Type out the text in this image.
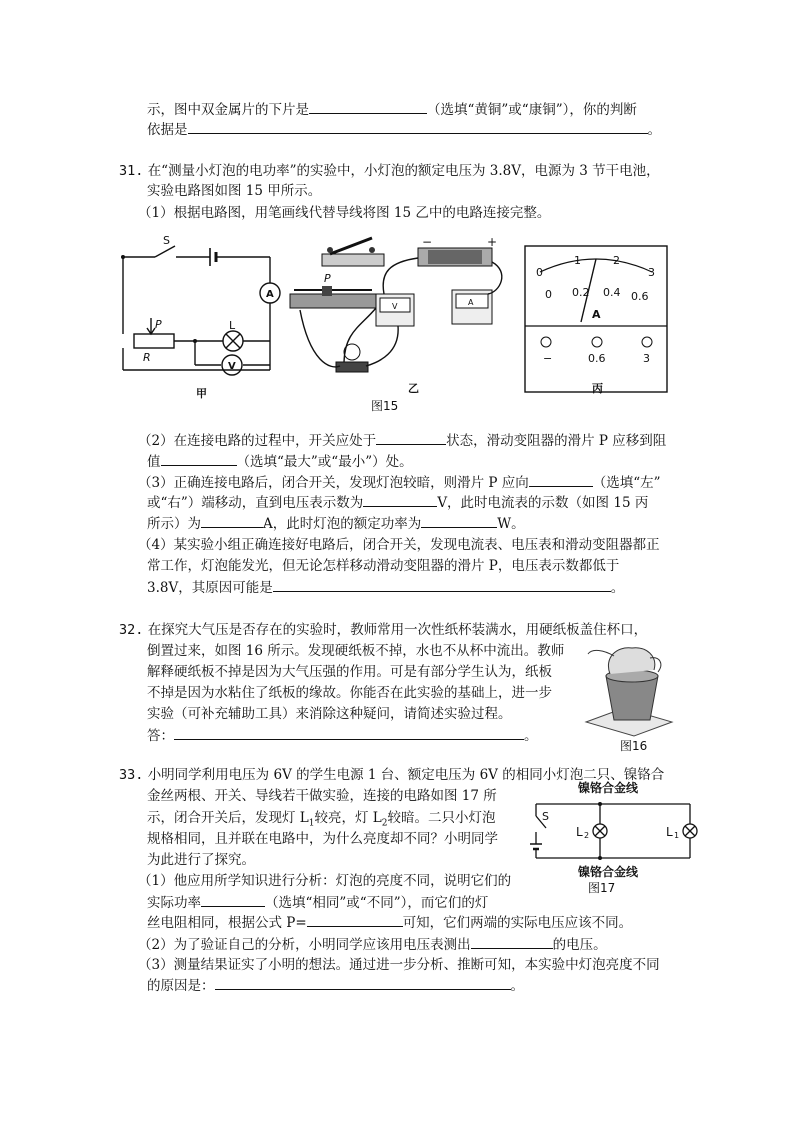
示，图中双金属片的下片是	（选填“黄铜”或“康铜”），你的判断
依据是	。
31. 在“测量小灯泡的电功率”的实验中，小灯泡的额定电压为 3.8V，电源为 3 节干电池，
实验电路图如图 15 甲所示。
（1）根据电路图，用笔画线代替导线将图 15 乙中的电路连接完整。
S
A
L
V
P
R
−	+
P
V	A
0
1	2
3
0 0.2 0.4 0.6
A
−	0.6	3
甲	乙	丙
图15
（2）在连接电路的过程中，开关应处于	状态，滑动变阻器的滑片 P 应移到阻
值	（选填“最大”或“最小”）处。
（3）正确连接电路后，闭合开关，发现灯泡较暗，则滑片 P 应向	（选填“左”
或“右”）端移动，直到电压表示数为	V，此时电流表的示数（如图 15 丙
所示）为	A，此时灯泡的额定功率为	W。
（4）某实验小组正确连接好电路后，闭合开关，发现电流表、电压表和滑动变阻器都正
常工作，灯泡能发光，但无论怎样移动滑动变阻器的滑片 P，电压表示数都低于
3.8V，其原因可能是	。
32. 在探究大气压是否存在的实验时，教师常用一次性纸杯装满水，用硬纸板盖住杯口，
倒置过来，如图 16 所示。发现硬纸板不掉，水也不从杯中流出。教师
解释硬纸板不掉是因为大气压强的作用。可是有部分学生认为，纸板
不掉是因为水粘住了纸板的缘故。你能否在此实验的基础上，进一步
实验（可补充辅助工具）来消除这种疑问，请简述实验过程。
答：	。
图16
33. 小明同学利用电压为 6V 的学生电源 1 台、额定电压为 6V 的相同小灯泡二只、镍铬合
金丝两根、开关、导线若干做实验，连接的电路如图 17 所
示，闭合开关后，发现灯 $L_1$较亮，灯 $L_2$较暗。二只小灯泡
规格相同，且并联在电路中，为什么亮度却不同？小明同学
为此进行了探究。
（1）他应用所学知识进行分析：灯泡的亮度不同，说明它们的
实际功率	（选填“相同”或“不同”），而它们的灯
丝电阻相同，根据公式 P=	可知，它们两端的实际电压应该不同。
（2）为了验证自己的分析，小明同学应该用电压表测出	的电压。
（3）测量结果证实了小明的想法。通过进一步分析、推断可知，本实验中灯泡亮度不同
的原因是：	。
镍铬合金线
镍铬合金线
S
L 2	L 1
图17
